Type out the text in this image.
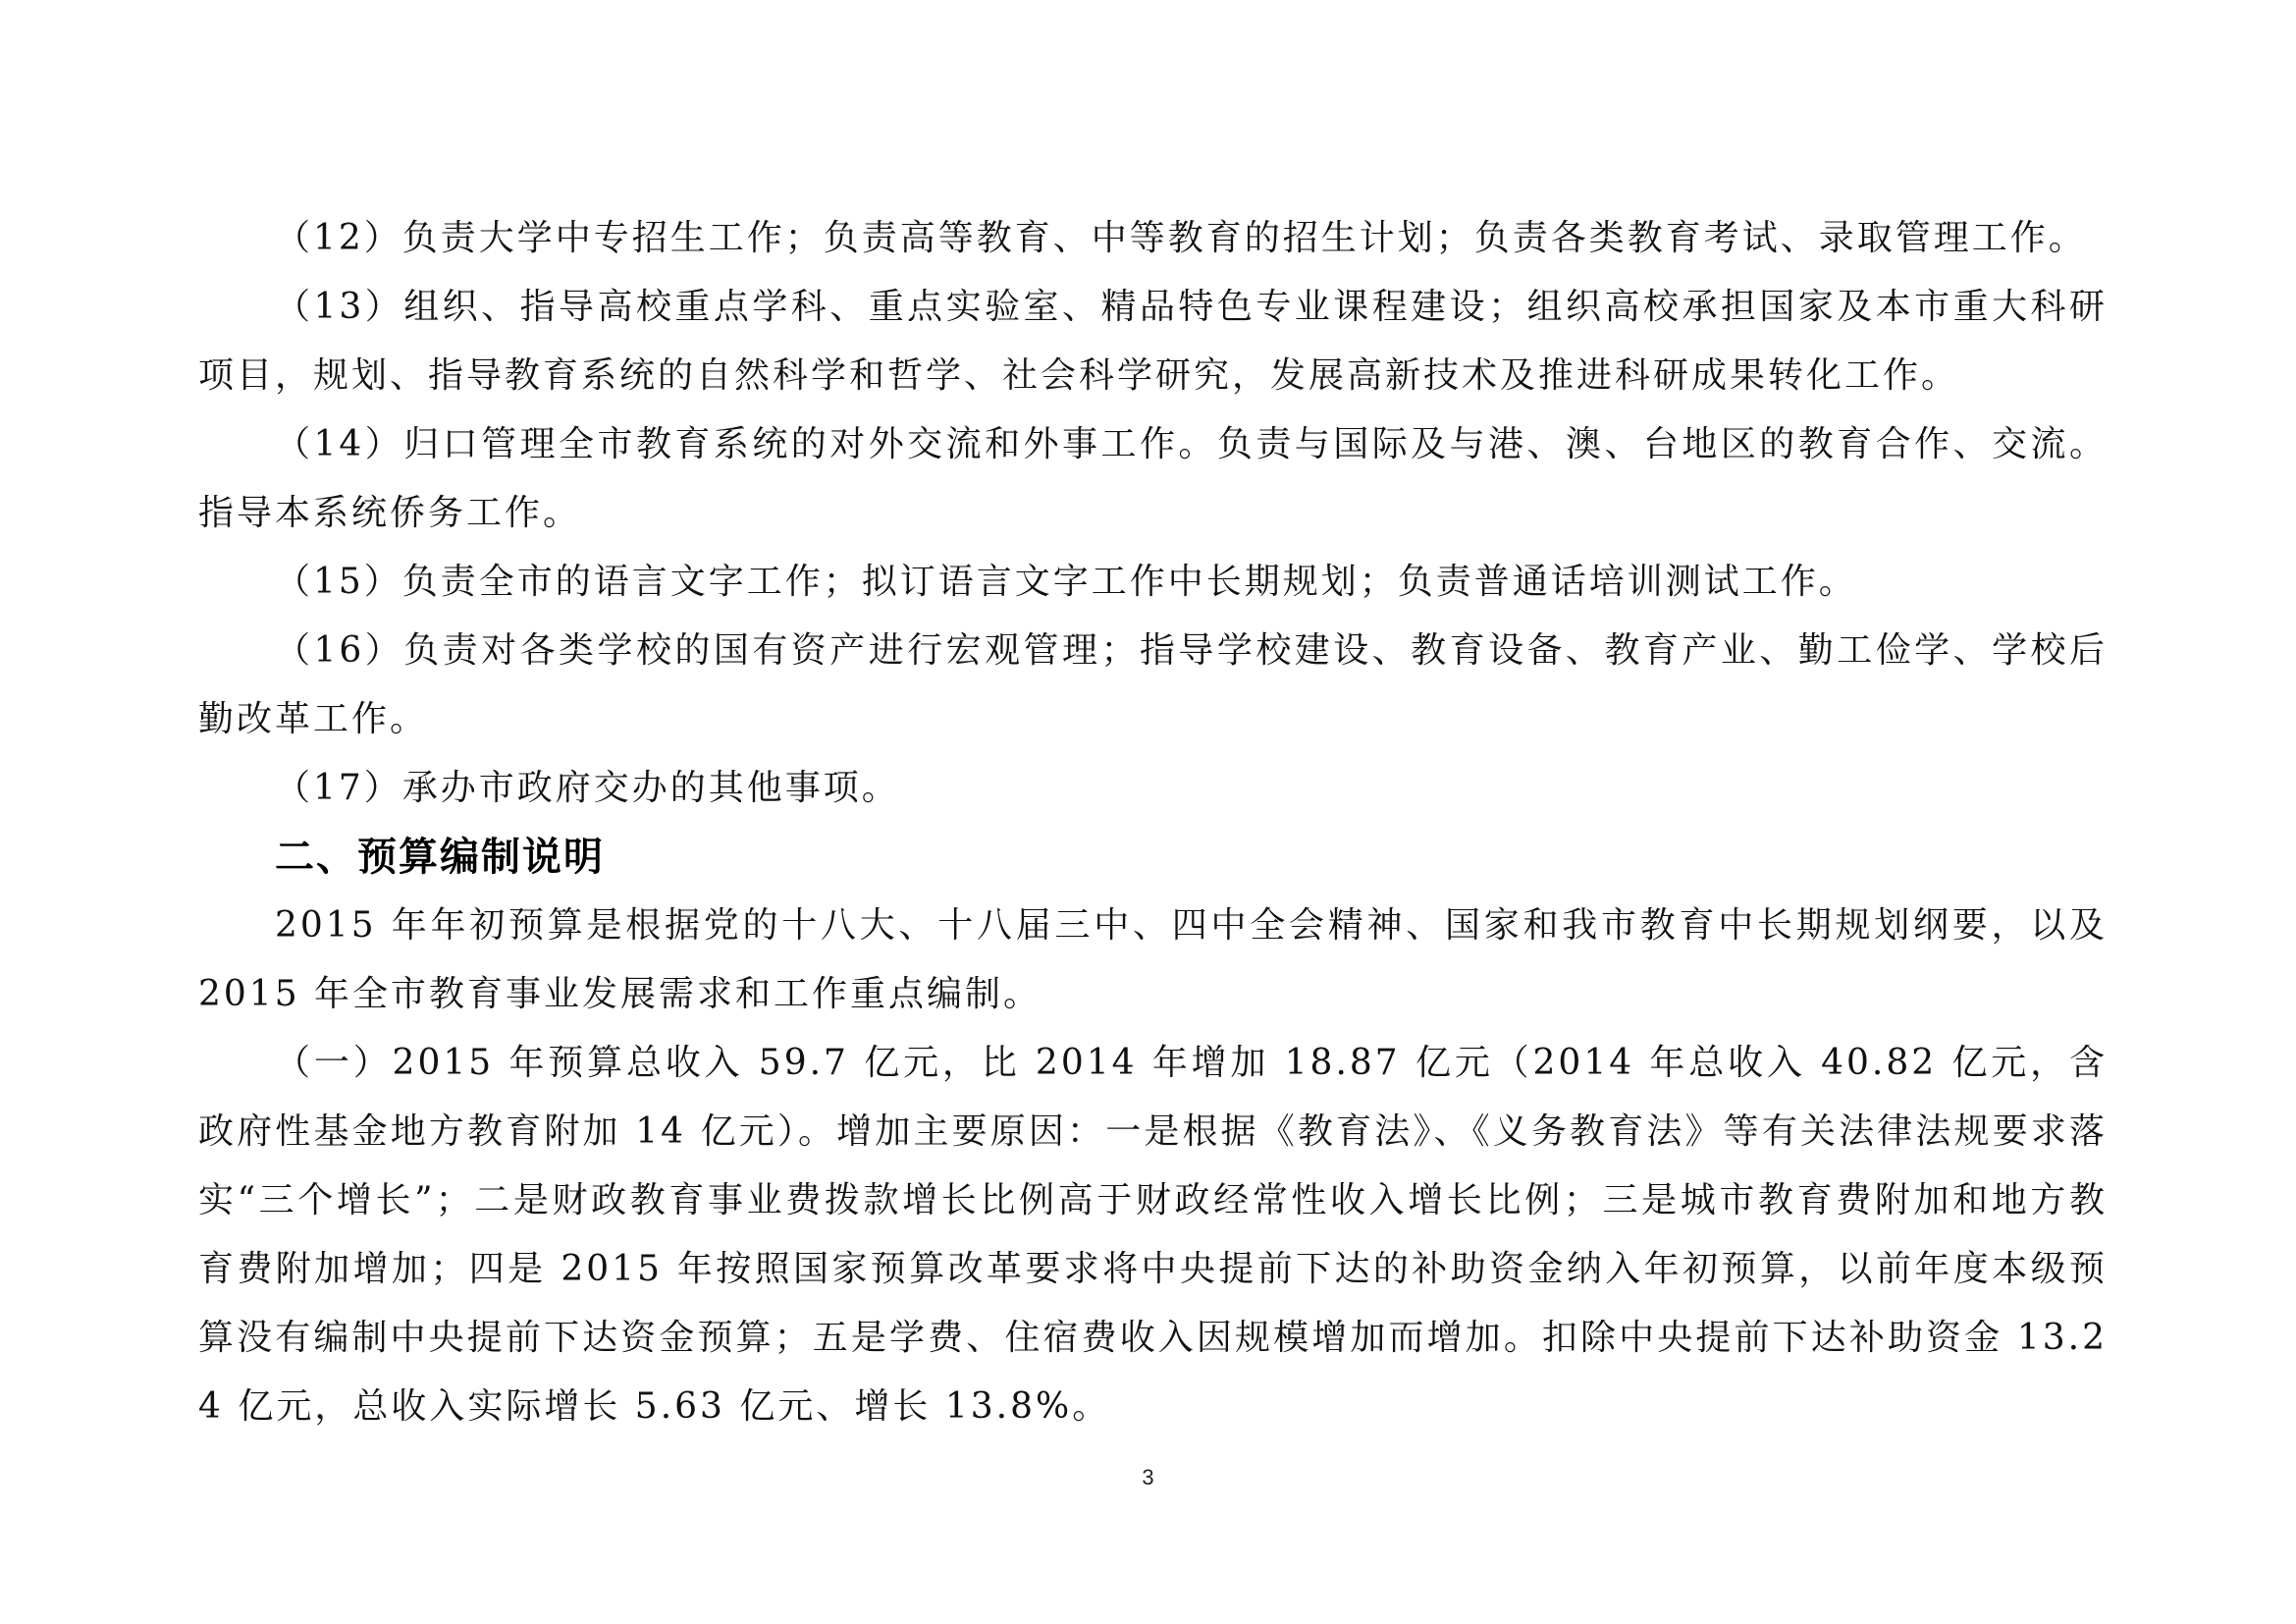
（12）负责大学中专招生工作；负责高等教育、中等教育的招生计划；负责各类教育考试、录取管理工作。

（13）组织、指导高校重点学科、重点实验室、精品特色专业课程建设；组织高校承担国家及本市重大科研项目，规划、指导教育系统的自然科学和哲学、社会科学研究，发展高新技术及推进科研成果转化工作。

（14）归口管理全市教育系统的对外交流和外事工作。负责与国际及与港、澳、台地区的教育合作、交流。指导本系统侨务工作。

（15）负责全市的语言文字工作；拟订语言文字工作中长期规划；负责普通话培训测试工作。

（16）负责对各类学校的国有资产进行宏观管理；指导学校建设、教育设备、教育产业、勤工俭学、学校后勤改革工作。

（17）承办市政府交办的其他事项。

二、预算编制说明

2015 年年初预算是根据党的十八大、十八届三中、四中全会精神、国家和我市教育中长期规划纲要，以及 2015 年全市教育事业发展需求和工作重点编制。

（一）2015 年预算总收入 59.7 亿元，比 2014 年增加 18.87 亿元（2014 年总收入 40.82 亿元，含政府性基金地方教育附加 14 亿元）。增加主要原因：一是根据《教育法》、《义务教育法》等有关法律法规要求落实“三个增长”；二是财政教育事业费拨款增长比例高于财政经常性收入增长比例；三是城市教育费附加和地方教育费附加增加；四是 2015 年按照国家预算改革要求将中央提前下达的补助资金纳入年初预算，以前年度本级预算没有编制中央提前下达资金预算；五是学费、住宿费收入因规模增加而增加。扣除中央提前下达补助资金 13.24 亿元，总收入实际增长 5.63 亿元、增长 13.8%。

3
